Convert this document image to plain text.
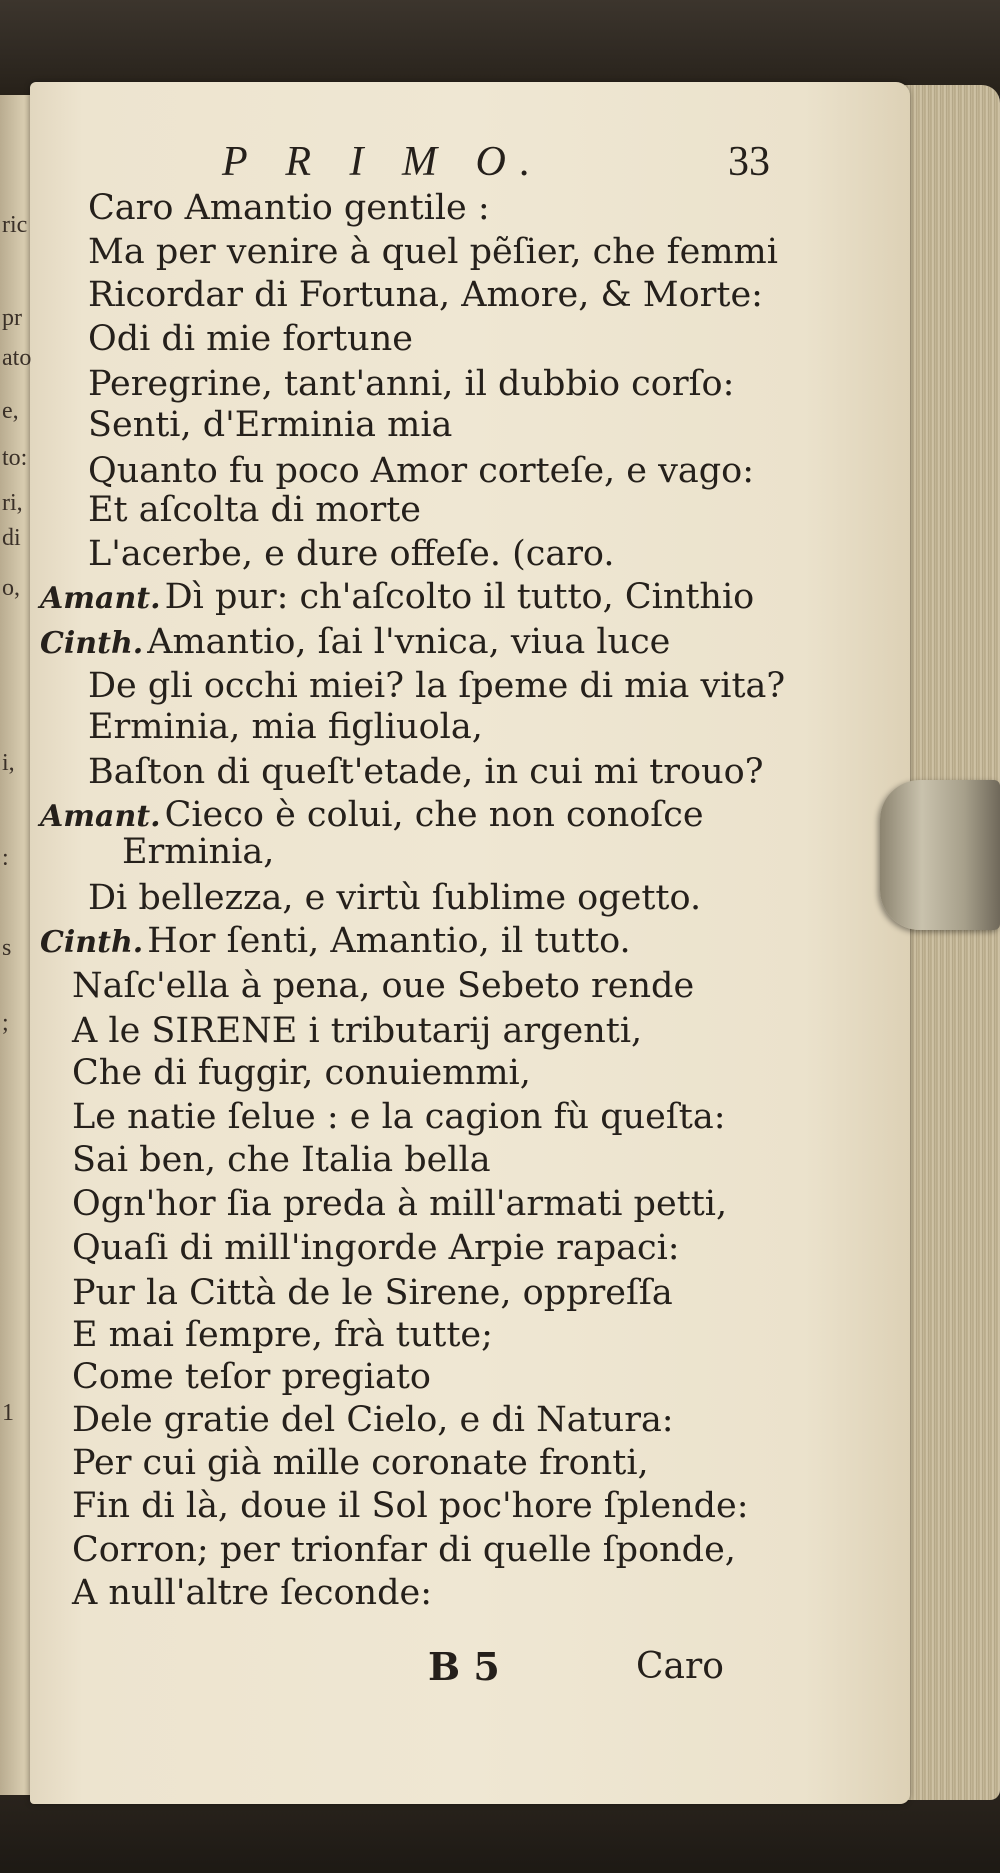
P R I M O.	33
Caro Amantio gentile :
Ma per venire à quel pẽſier, che femmi
Ricordar di Fortuna, Amore, & Morte:
Odi di mie fortune
Peregrine, tant'anni, il dubbio corſo:
Senti, d'Erminia mia
Quanto fu poco Amor corteſe, e vago:
Et aſcolta di morte
L'acerbe, e dure offeſe. (caro.
Amant. Dì pur: ch'aſcolto il tutto, Cinthio
Cinth. Amantio, ſai l'vnica, viua luce
De gli occhi miei? la ſpeme di mia vita?
Erminia, mia figliuola,
Baſton di queſt'etade, in cui mi trouo?
Amant. Cieco è colui, che non conoſce
Erminia,
Di bellezza, e virtù ſublime ogetto.
Cinth. Hor ſenti, Amantio, il tutto.
Naſc'ella à pena, oue Sebeto rende
A le SIRENE i tributarij argenti,
Che di fuggir, conuiemmi,
Le natie ſelue : e la cagion fù queſta:
Sai ben, che Italia bella
Ogn'hor ſia preda à mill'armati petti,
Quaſi di mill'ingorde Arpie rapaci:
Pur la Città de le Sirene, oppreſſa
E mai ſempre, frà tutte;
Come teſor pregiato
Dele gratie del Cielo, e di Natura:
Per cui già mille coronate fronti,
Fin di là, doue il Sol poc'hore ſplende:
Corron; per trionfar di quelle ſponde,
A null'altre ſeconde:
B 5	Caro
ric
pr
ato
e,
to:
ri,
di
o,
i,
:
s
;
1
